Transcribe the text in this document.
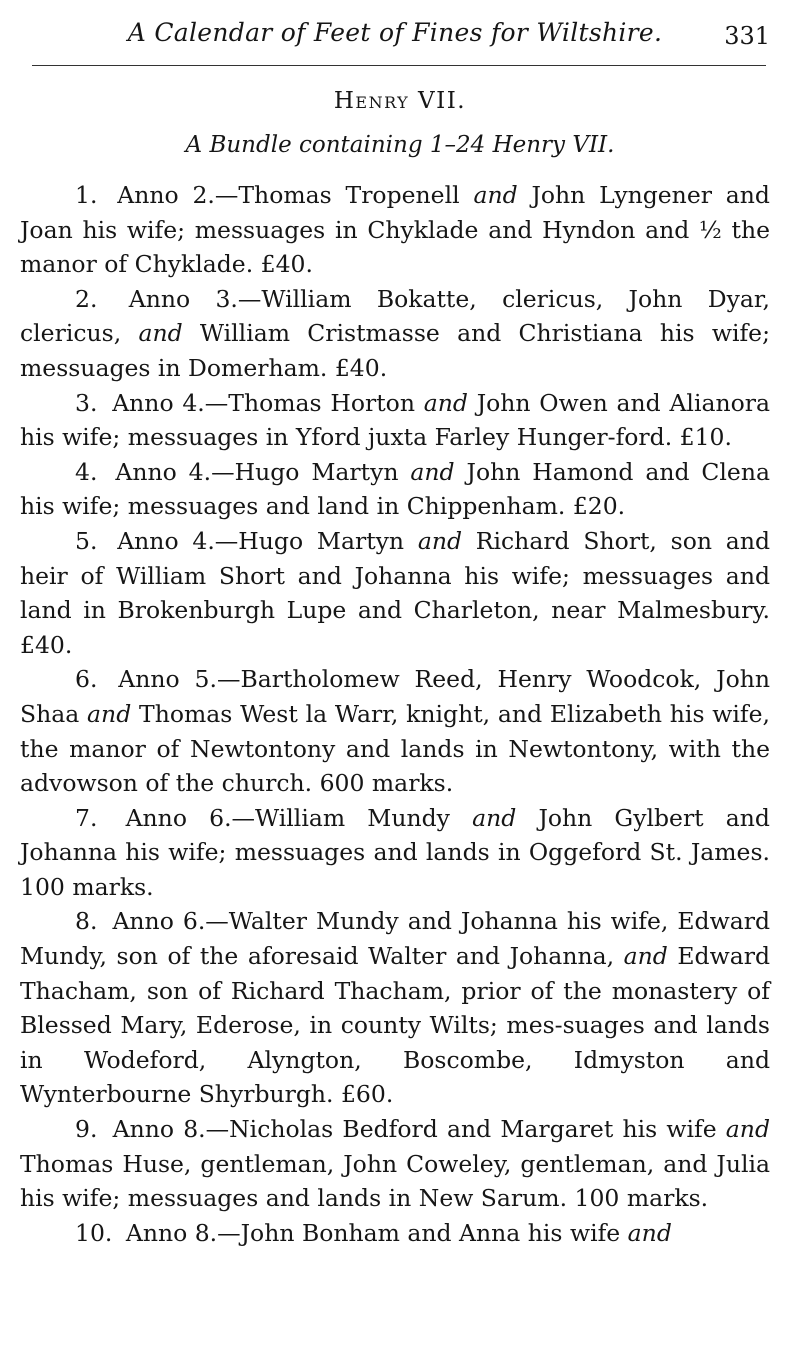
A Calendar of Feet of Fines for Wiltshire.	331
Henry VII.
A Bundle containing 1–24 Henry VII.

1. Anno 2.—Thomas Tropenell and John Lyngener and Joan his wife; messuages in Chyklade and Hyndon and ½ the manor of Chyklade. £40.

2. Anno 3.—William Bokatte, clericus, John Dyar, clericus, and William Cristmasse and Christiana his wife; messuages in Domerham. £40.

3. Anno 4.—Thomas Horton and John Owen and Alianora his wife; messuages in Yford juxta Farley Hunger-ford. £10.

4. Anno 4.—Hugo Martyn and John Hamond and Clena his wife; messuages and land in Chippenham. £20.

5. Anno 4.—Hugo Martyn and Richard Short, son and heir of William Short and Johanna his wife; messuages and land in Brokenburgh Lupe and Charleton, near Malmesbury. £40.

6. Anno 5.—Bartholomew Reed, Henry Woodcok, John Shaa and Thomas West la Warr, knight, and Elizabeth his wife, the manor of Newtontony and lands in Newtontony, with the advowson of the church. 600 marks.

7. Anno 6.—William Mundy and John Gylbert and Johanna his wife; messuages and lands in Oggeford St. James. 100 marks.

8. Anno 6.—Walter Mundy and Johanna his wife, Edward Mundy, son of the aforesaid Walter and Johanna, and Edward Thacham, son of Richard Thacham, prior of the monastery of Blessed Mary, Ederose, in county Wilts; mes-suages and lands in Wodeford, Alyngton, Boscombe, Idmyston and Wynterbourne Shyrburgh. £60.

9. Anno 8.—Nicholas Bedford and Margaret his wife and Thomas Huse, gentleman, John Coweley, gentleman, and Julia his wife; messuages and lands in New Sarum. 100 marks.

10. Anno 8.—John Bonham and Anna his wife and
